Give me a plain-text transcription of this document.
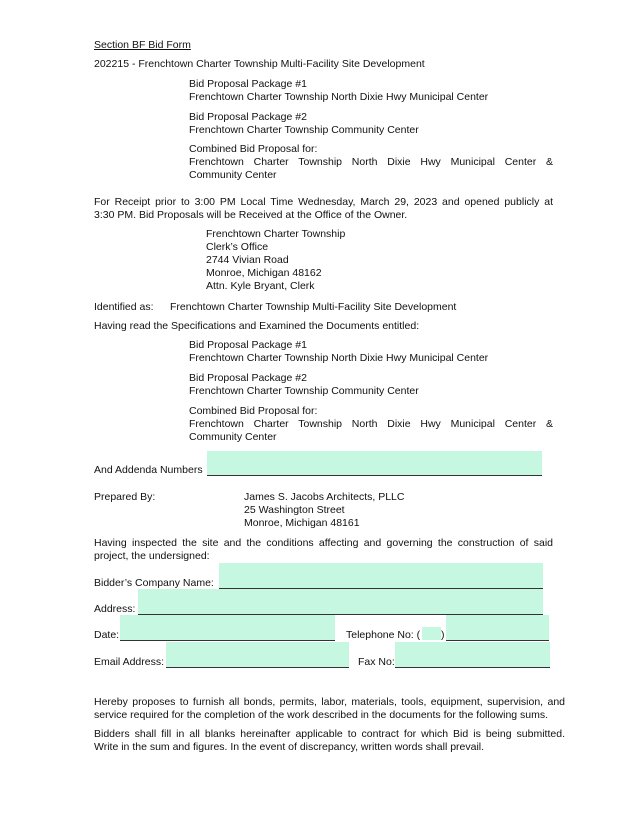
Section BF Bid Form
202215 - Frenchtown Charter Township Multi-Facility Site Development
Bid Proposal Package #1
Frenchtown Charter Township North Dixie Hwy Municipal Center
Bid Proposal Package #2
Frenchtown Charter Township Community Center
Combined Bid Proposal for:
Frenchtown Charter Township North Dixie Hwy Municipal Center &
Community Center
For Receipt prior to 3:00 PM Local Time Wednesday, March 29, 2023 and opened publicly at
3:30 PM. Bid Proposals will be Received at the Office of the Owner.
Frenchtown Charter Township
Clerk’s Office
2744 Vivian Road
Monroe, Michigan 48162
Attn. Kyle Bryant, Clerk
Identified as: Frenchtown Charter Township Multi-Facility Site Development
Having read the Specifications and Examined the Documents entitled:
Bid Proposal Package #1
Frenchtown Charter Township North Dixie Hwy Municipal Center
Bid Proposal Package #2
Frenchtown Charter Township Community Center
Combined Bid Proposal for:
Frenchtown Charter Township North Dixie Hwy Municipal Center &
Community Center
And Addenda Numbers
Prepared By:	James S. Jacobs Architects, PLLC
25 Washington Street
Monroe, Michigan 48161
Having inspected the site and the conditions affecting and governing the construction of said
project, the undersigned:
Bidder’s Company Name:
Address:
Date:	Telephone No: ( )
Email Address:	Fax No:
Hereby proposes to furnish all bonds, permits, labor, materials, tools, equipment, supervision, and
service required for the completion of the work described in the documents for the following sums.
Bidders shall fill in all blanks hereinafter applicable to contract for which Bid is being submitted.
Write in the sum and figures. In the event of discrepancy, written words shall prevail.
